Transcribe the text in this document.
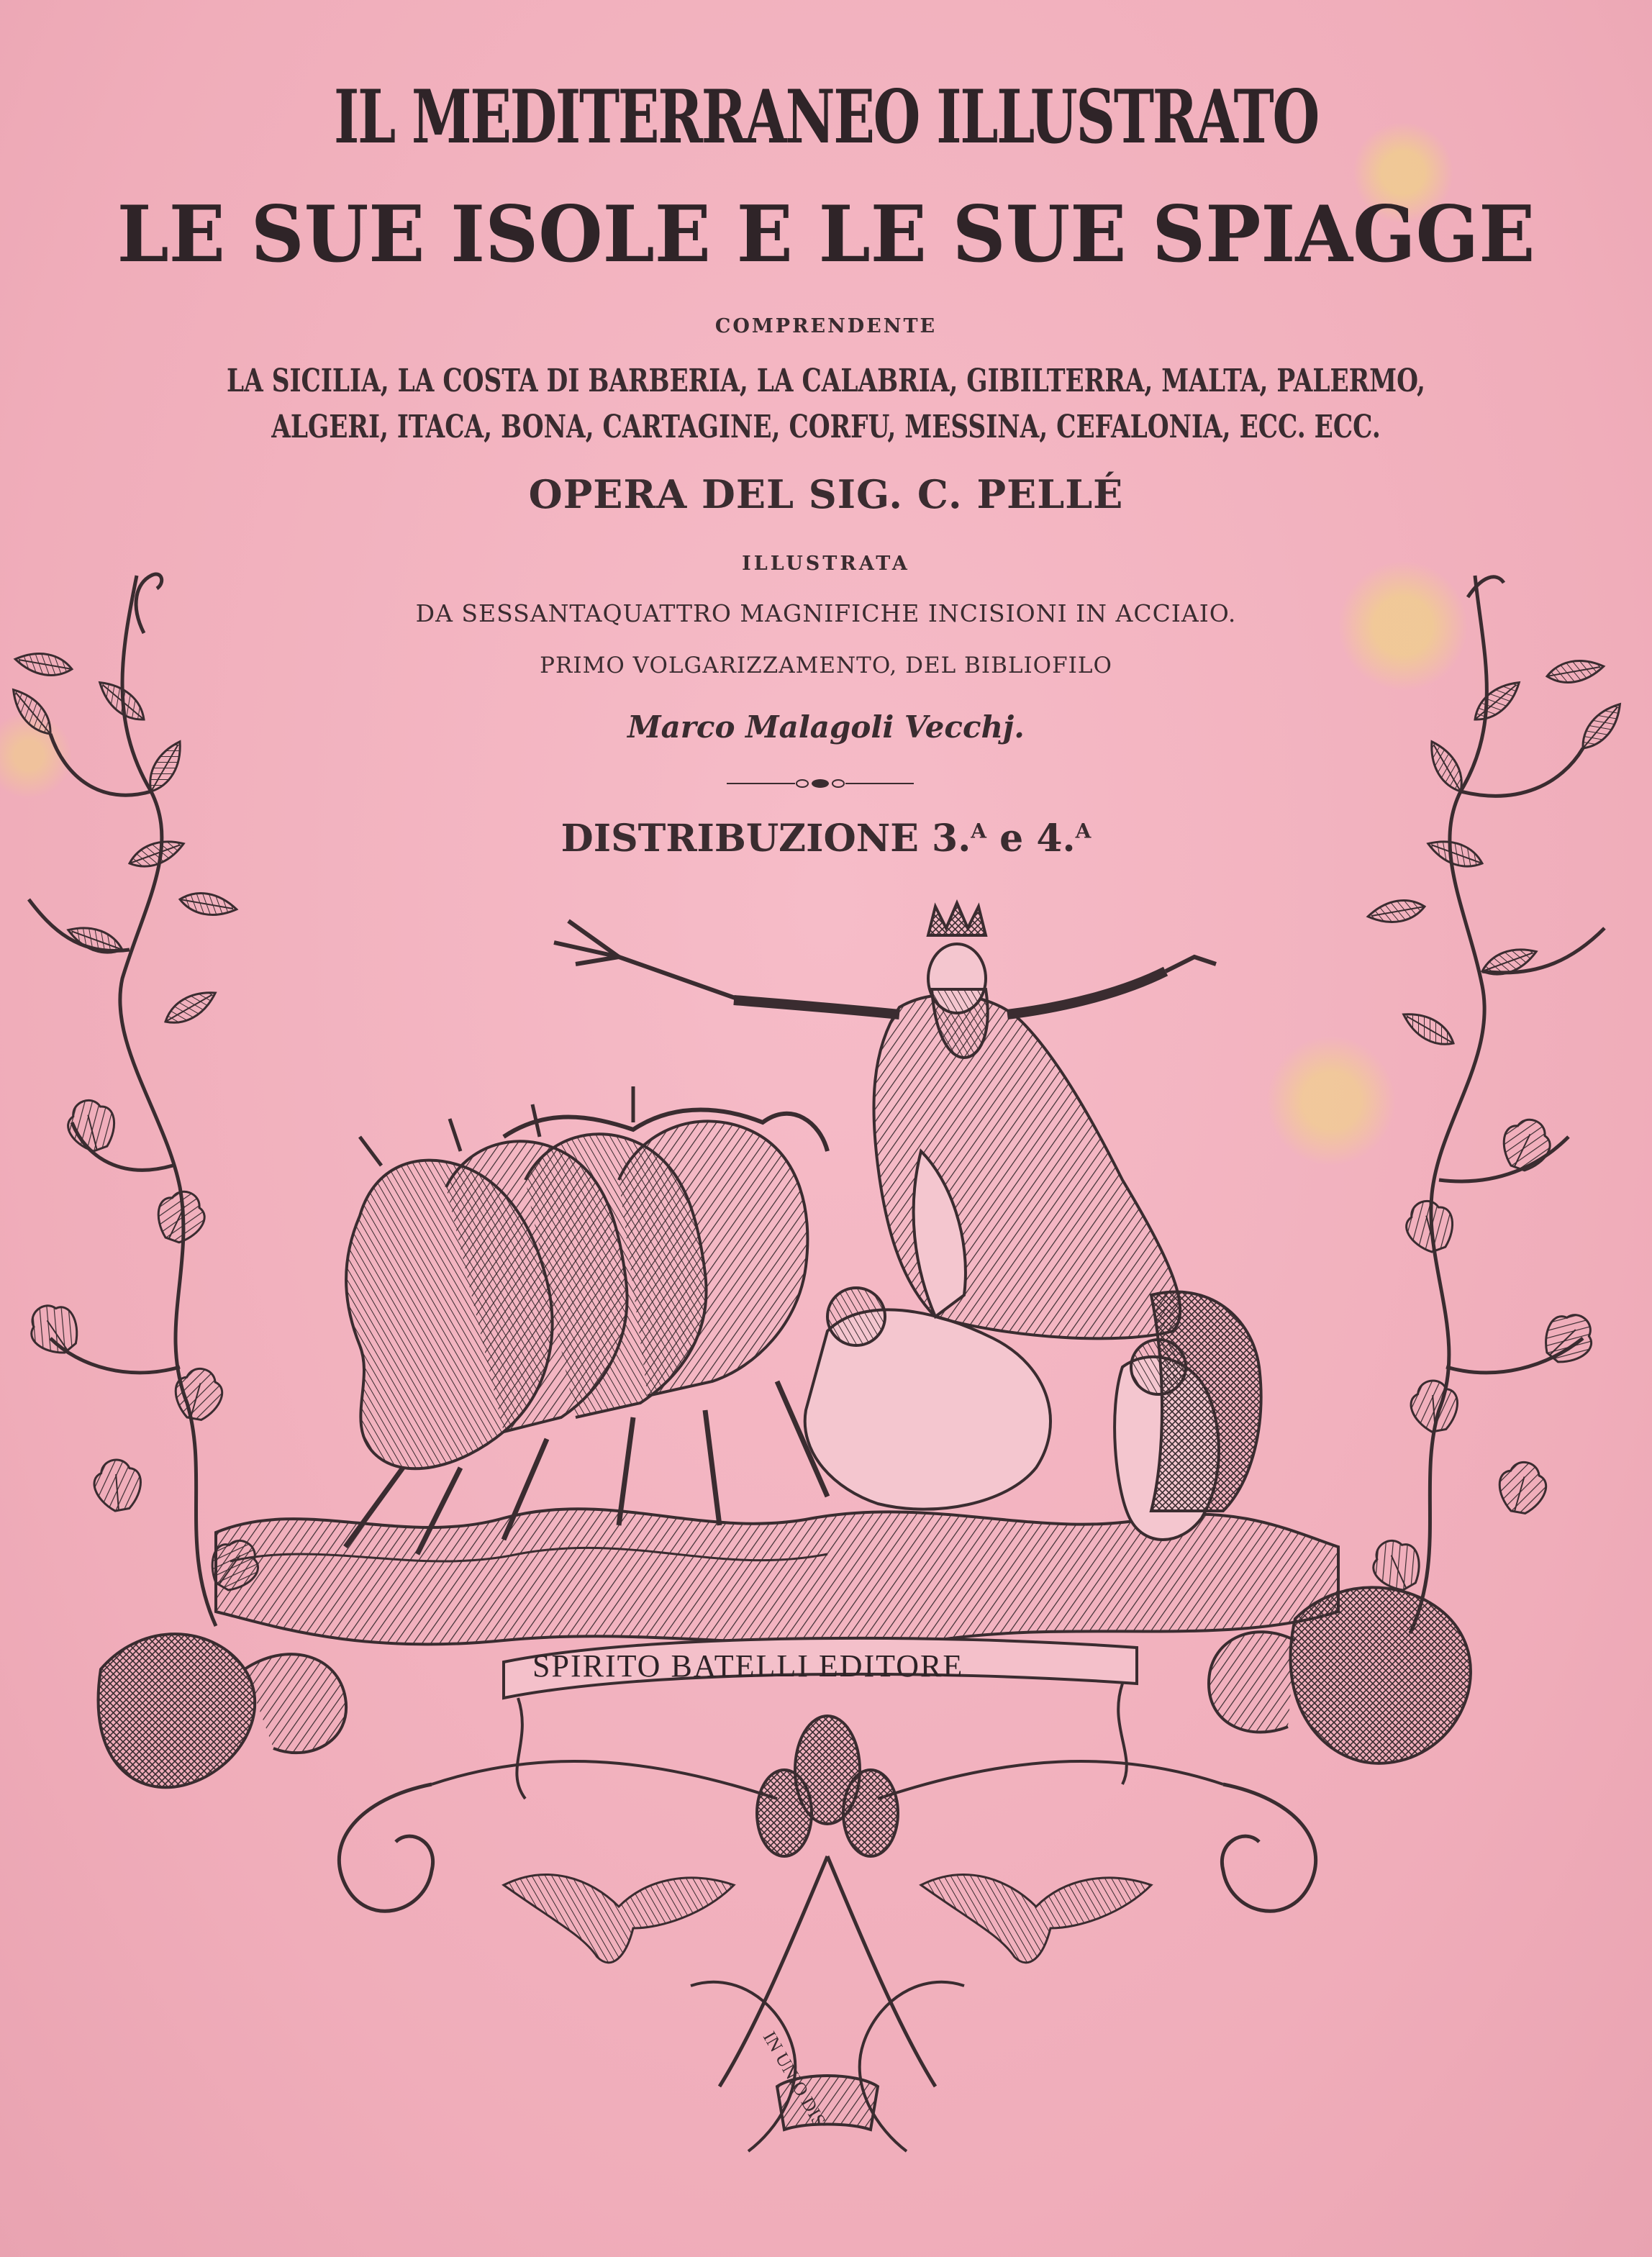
IL MEDITERRANEO ILLUSTRATO
LE SUE ISOLE E LE SUE SPIAGGE
COMPRENDENTE
LA SICILIA, LA COSTA DI BARBERIA, LA CALABRIA, GIBILTERRA, MALTA, PALERMO,
ALGERI, ITACA, BONA, CARTAGINE, CORFU, MESSINA, CEFALONIA, ECC. ECC.
OPERA DEL SIG. C. PELLÉ
ILLUSTRATA
DA SESSANTAQUATTRO MAGNIFICHE INCISIONI IN ACCIAIO.
PRIMO VOLGARIZZAMENTO, DEL BIBLIOFILO
Marco Malagoli Vecchj.
DISTRIBUZIONE 3.$^A$ e 4.$^A$
SPIRITO BATELLI EDITORE
IN UNIO DIS
